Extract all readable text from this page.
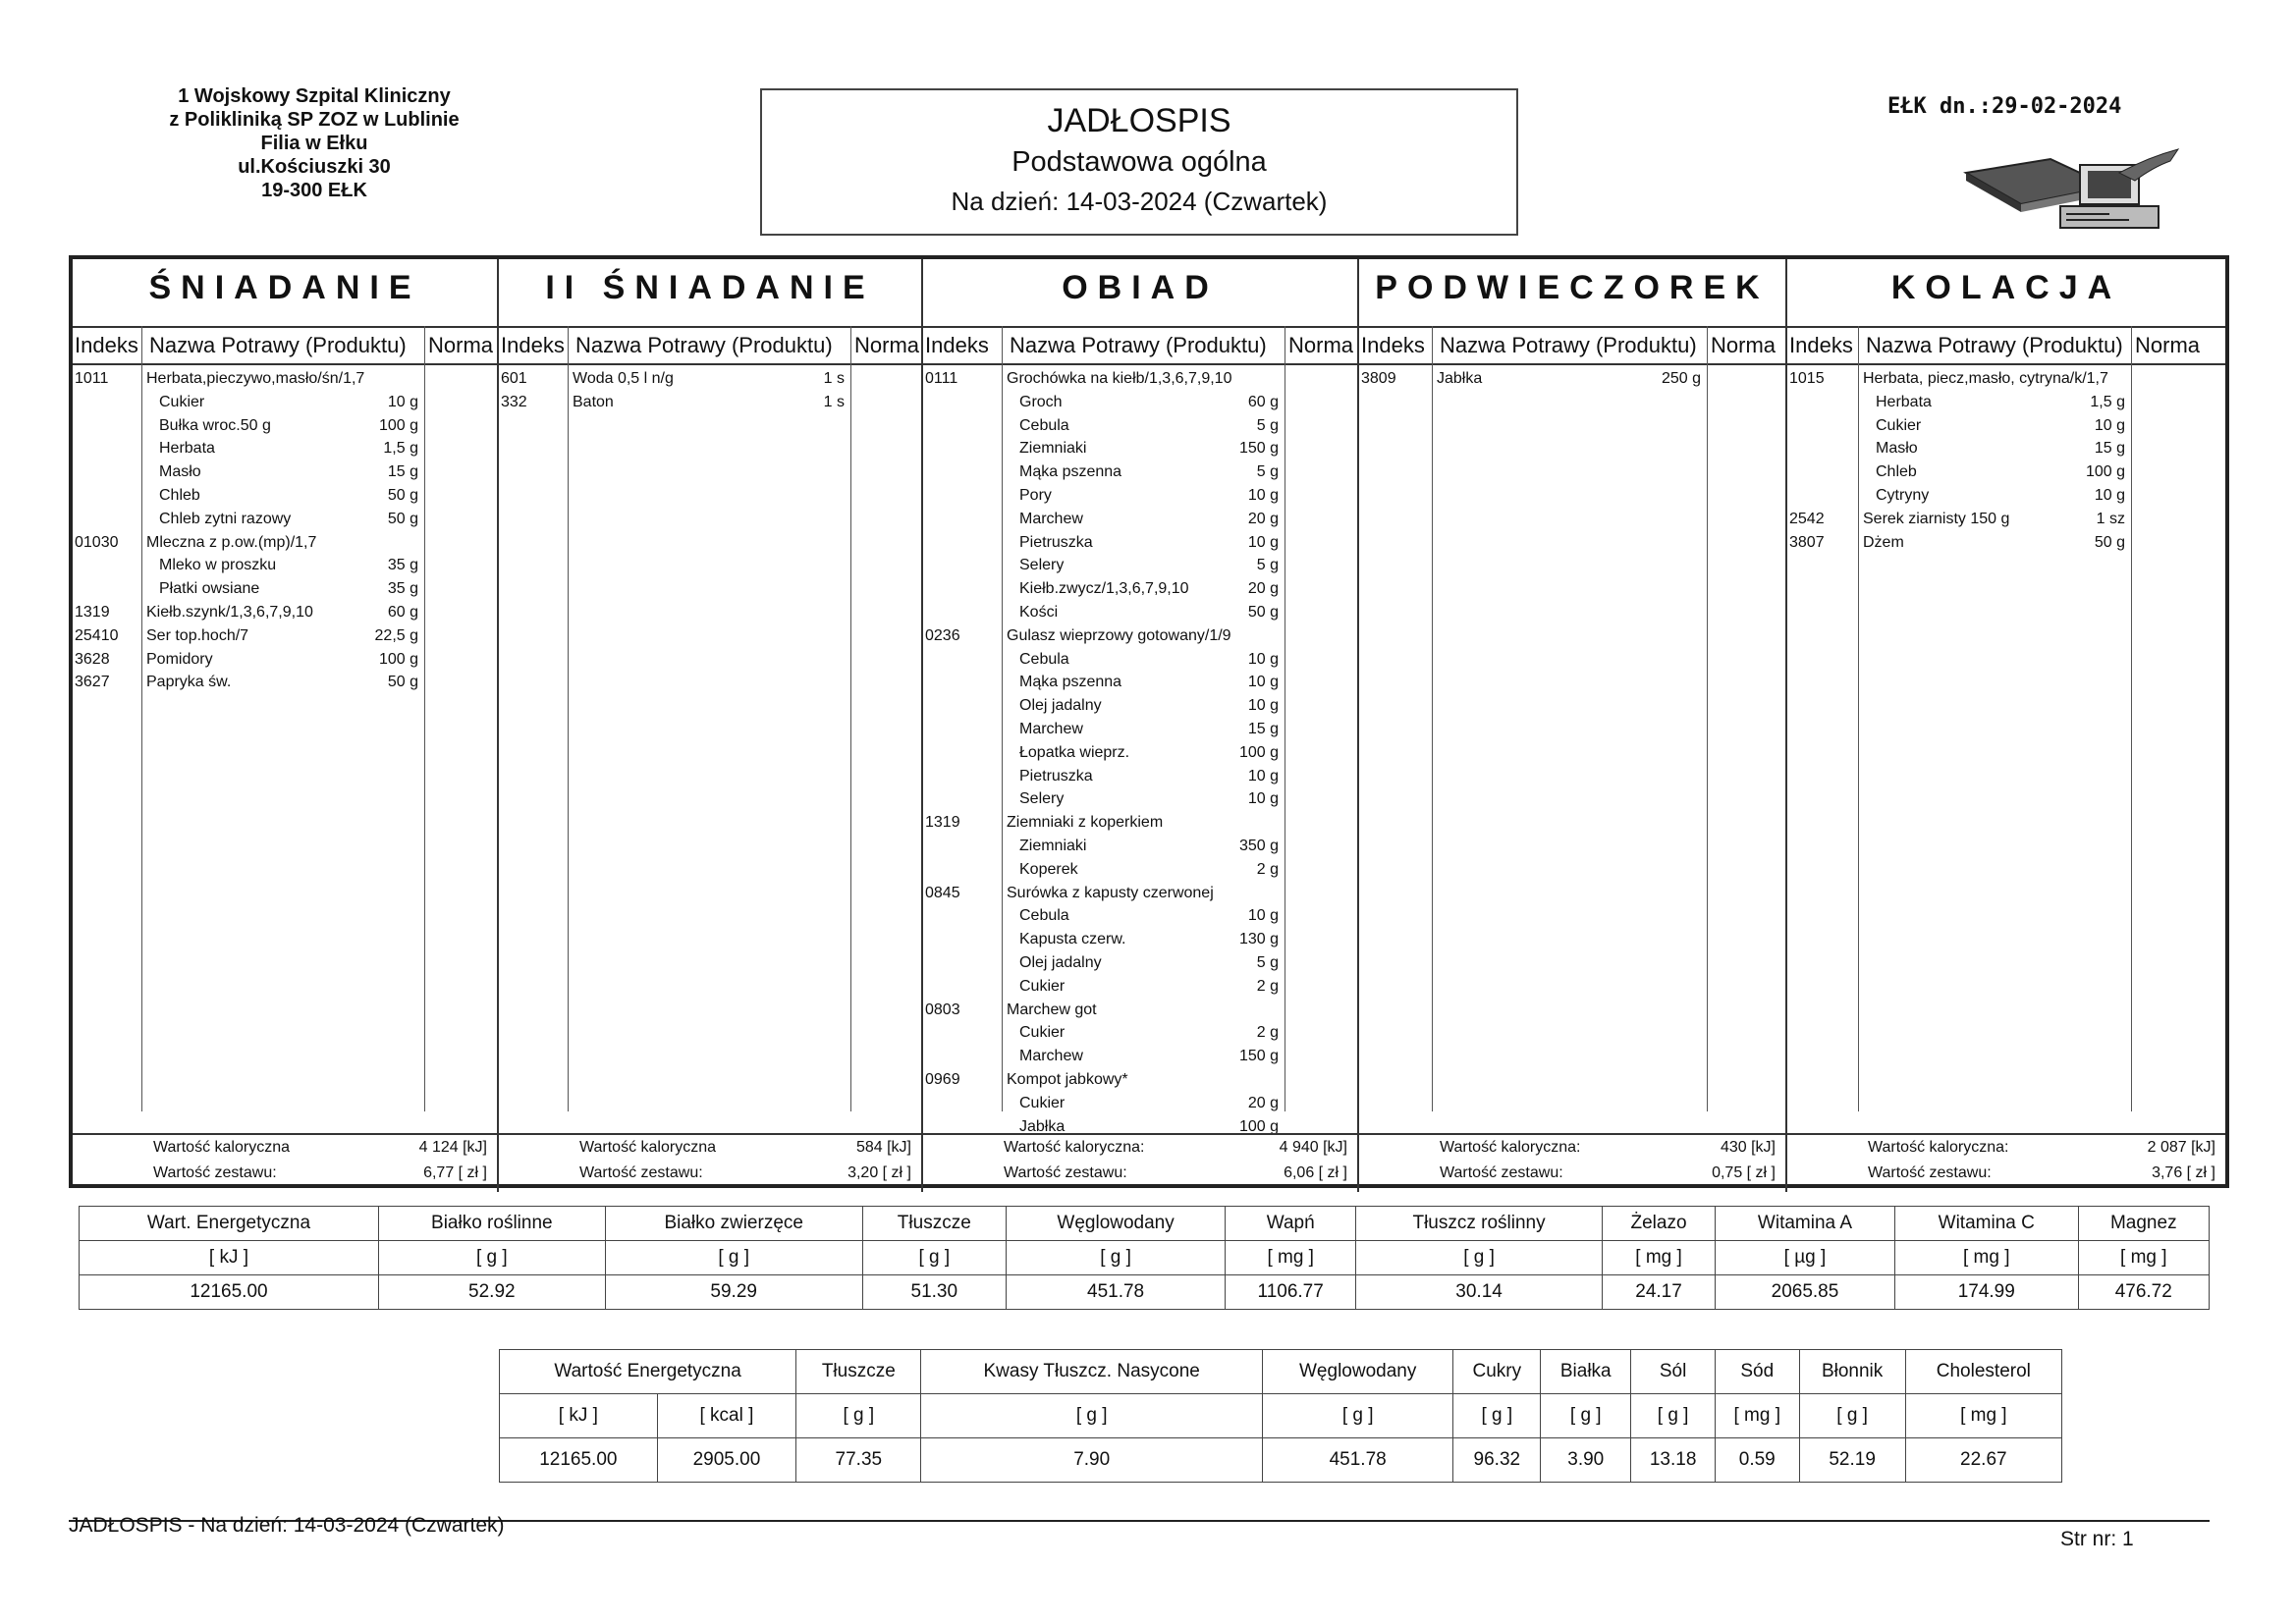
1 Wojskowy Szpital Kliniczny
z Polikliniką SP ZOZ w Lublinie
Filia w Ełku
ul.Kościuszki 30
19-300 EŁK
JADŁOSPIS
Podstawowa ogólna
Na dzień: 14-03-2024 (Czwartek)
EŁK dn.:29-02-2024
ŚNIADANIE
Indeks Nazwa Potrawy (Produktu) Norma
1011 Herbata,pieczywo,masło/śn/1,7
Cukier	10 g
Bułka wroc.50 g	100 g
Herbata	1,5 g
Masło	15 g
Chleb	50 g
Chleb zytni razowy	50 g
01030 Mleczna z p.ow.(mp)/1,7
Mleko w proszku	35 g
Płatki owsiane	35 g
1319 Kiełb.szynk/1,3,6,7,9,10	60 g
25410 Ser top.hoch/7	22,5 g
3628 Pomidory	100 g
3627 Papryka św.	50 g
Wartość kaloryczna	4 124 [kJ]
Wartość zestawu:	6,77 [ zł ]
II ŚNIADANIE
Indeks Nazwa Potrawy (Produktu) Norma
601	Woda 0,5 l n/g	1 s
332	Baton	1 s
Wartość kaloryczna	584 [kJ]
Wartość zestawu:	3,20 [ zł ]
OBIAD
Indeks Nazwa Potrawy (Produktu) Norma
0111	Grochówka na kiełb/1,3,6,7,9,10
Groch	60 g
Cebula	5 g
Ziemniaki	150 g
Mąka pszenna	5 g
Pory	10 g
Marchew	20 g
Pietruszka	10 g
Selery	5 g
Kiełb.zwycz/1,3,6,7,9,10	20 g
Kości	50 g
0236	Gulasz wieprzowy gotowany/1/9
Cebula	10 g
Mąka pszenna	10 g
Olej jadalny	10 g
Marchew	15 g
Łopatka wieprz.	100 g
Pietruszka	10 g
Selery	10 g
1319	Ziemniaki z koperkiem
Ziemniaki	350 g
Koperek	2 g
0845	Surówka z kapusty czerwonej
Cebula	10 g
Kapusta czerw.	130 g
Olej jadalny	5 g
Cukier	2 g
0803	Marchew got
Cukier	2 g
Marchew	150 g
0969	Kompot jabkowy*
Cukier	20 g
Jabłka	100 g
Wartość kaloryczna:	4 940 [kJ]
Wartość zestawu:	6,06 [ zł ]
PODWIECZOREK
Indeks Nazwa Potrawy (Produktu) Norma
3809	Jabłka	250 g
Wartość kaloryczna:	430 [kJ]
Wartość zestawu:	0,75 [ zł ]
KOLACJA
Indeks Nazwa Potrawy (Produktu) Norma
1015 Herbata, piecz,masło, cytryna/k/1,7
Herbata	1,5 g
Cukier	10 g
Masło	15 g
Chleb	100 g
Cytryny	10 g
2542 Serek ziarnisty 150 g	1 sz
3807 Dżem	50 g
Wartość kaloryczna:	2 087 [kJ]
Wartość zestawu:	3,76 [ zł ]
Wart. Energetyczna	Białko roślinne	Białko zwierzęce	Tłuszcze	Węglowodany	Wapń	Tłuszcz roślinny	Żelazo	Witamina A	Witamina C	Magnez
[ kJ ]	[ g ]	[ g ]	[ g ]	[ g ]	[ mg ]	[ g ]	[ mg ]	[ µg ]	[ mg ]	[ mg ]
12165.00	52.92	59.29	51.30	451.78	1106.77	30.14	24.17	2065.85	174.99	476.72
Wartość Energetyczna		Tłuszcze	Kwasy Tłuszcz. Nasycone	Węglowodany	Cukry	Białka	Sól	Sód	Błonnik	Cholesterol
[ kJ ]	[ kcal ]	[ g ]	[ g ]	[ g ]	[ g ]	[ g ]	[ g ]	[ mg ]	[ g ]	[ mg ]
12165.00	2905.00	77.35	7.90	451.78	96.32	3.90	13.18	0.59	52.19	22.67
JADŁOSPIS - Na dzień: 14-03-2024 (Czwartek)
Str nr: 1
